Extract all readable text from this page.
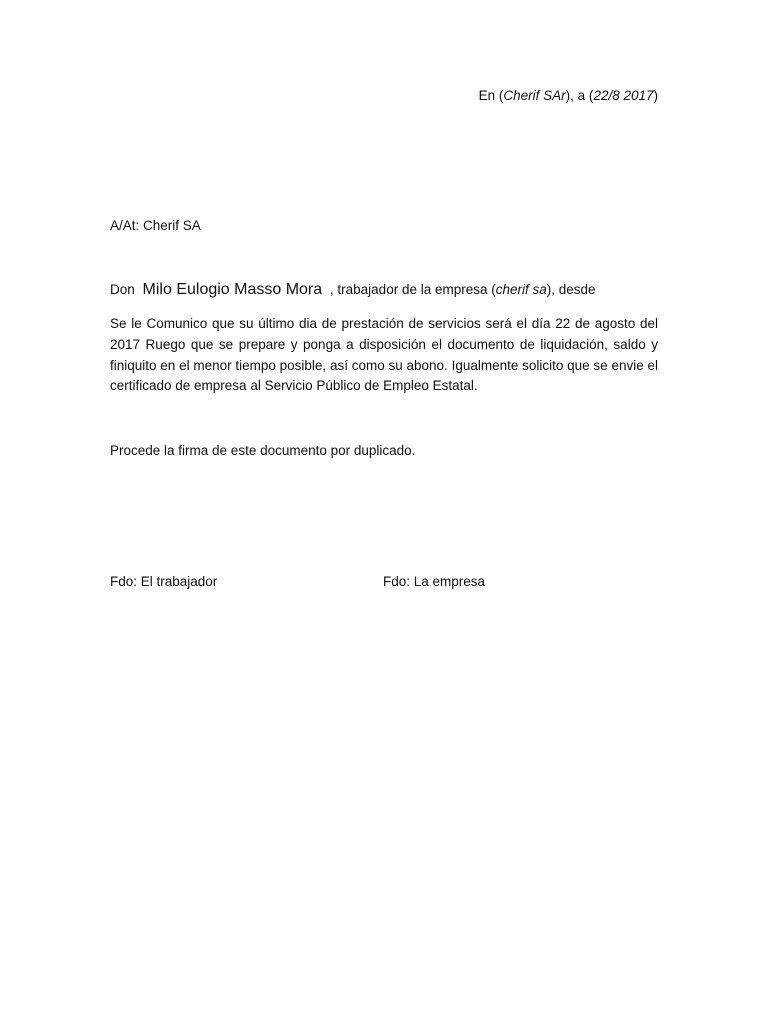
En (Cherif SAr), a (22/8 2017)
A/At: Cherif SA
Don Milo Eulogio Masso Mora , trabajador de la empresa (cherif sa), desde
Se le Comunico que su último dia de prestación de servicios será el día 22 de agosto del 2017 Ruego que se prepare y ponga a disposición el documento de liquidación, saldo y finiquito en el menor tiempo posible, así como su abono. Igualmente solicito que se envie el certificado de empresa al Servicio Público de Empleo Estatal.
Procede la firma de este documento por duplicado.
Fdo: El trabajador	Fdo: La empresa
